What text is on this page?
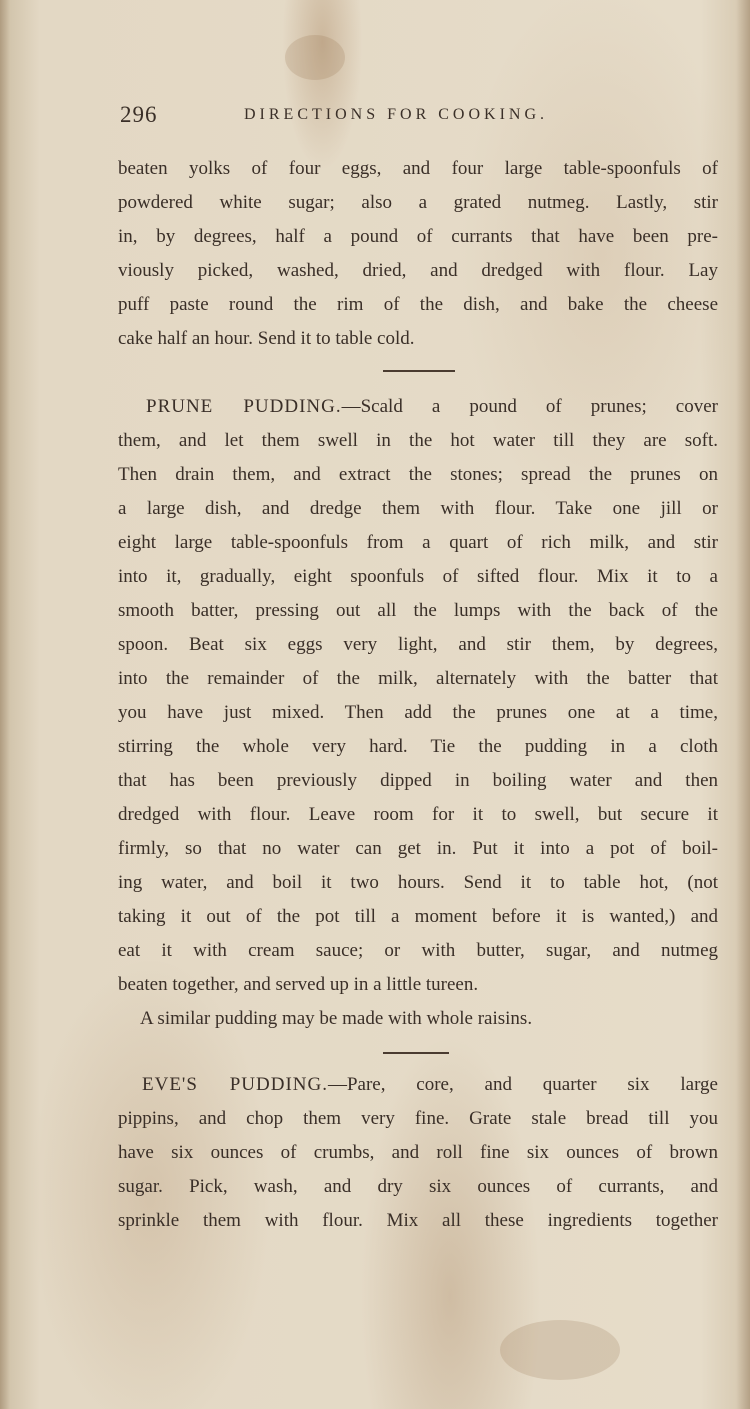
296	DIRECTIONS FOR COOKING.
beaten yolks of four eggs, and four large table-spoonfuls of
powdered white sugar; also a grated nutmeg. Lastly, stir
in, by degrees, half a pound of currants that have been pre-
viously picked, washed, dried, and dredged with flour. Lay
puff paste round the rim of the dish, and bake the cheese
cake half an hour. Send it to table cold.
PRUNE PUDDING.—Scald a pound of prunes; cover
them, and let them swell in the hot water till they are soft.
Then drain them, and extract the stones; spread the prunes on
a large dish, and dredge them with flour. Take one jill or
eight large table-spoonfuls from a quart of rich milk, and stir
into it, gradually, eight spoonfuls of sifted flour. Mix it to a
smooth batter, pressing out all the lumps with the back of the
spoon. Beat six eggs very light, and stir them, by degrees,
into the remainder of the milk, alternately with the batter that
you have just mixed. Then add the prunes one at a time,
stirring the whole very hard. Tie the pudding in a cloth
that has been previously dipped in boiling water and then
dredged with flour. Leave room for it to swell, but secure it
firmly, so that no water can get in. Put it into a pot of boil-
ing water, and boil it two hours. Send it to table hot, (not
taking it out of the pot till a moment before it is wanted,) and
eat it with cream sauce; or with butter, sugar, and nutmeg
beaten together, and served up in a little tureen.
A similar pudding may be made with whole raisins.
EVE'S PUDDING.—Pare, core, and quarter six large
pippins, and chop them very fine. Grate stale bread till you
have six ounces of crumbs, and roll fine six ounces of brown
sugar. Pick, wash, and dry six ounces of currants, and
sprinkle them with flour. Mix all these ingredients together
